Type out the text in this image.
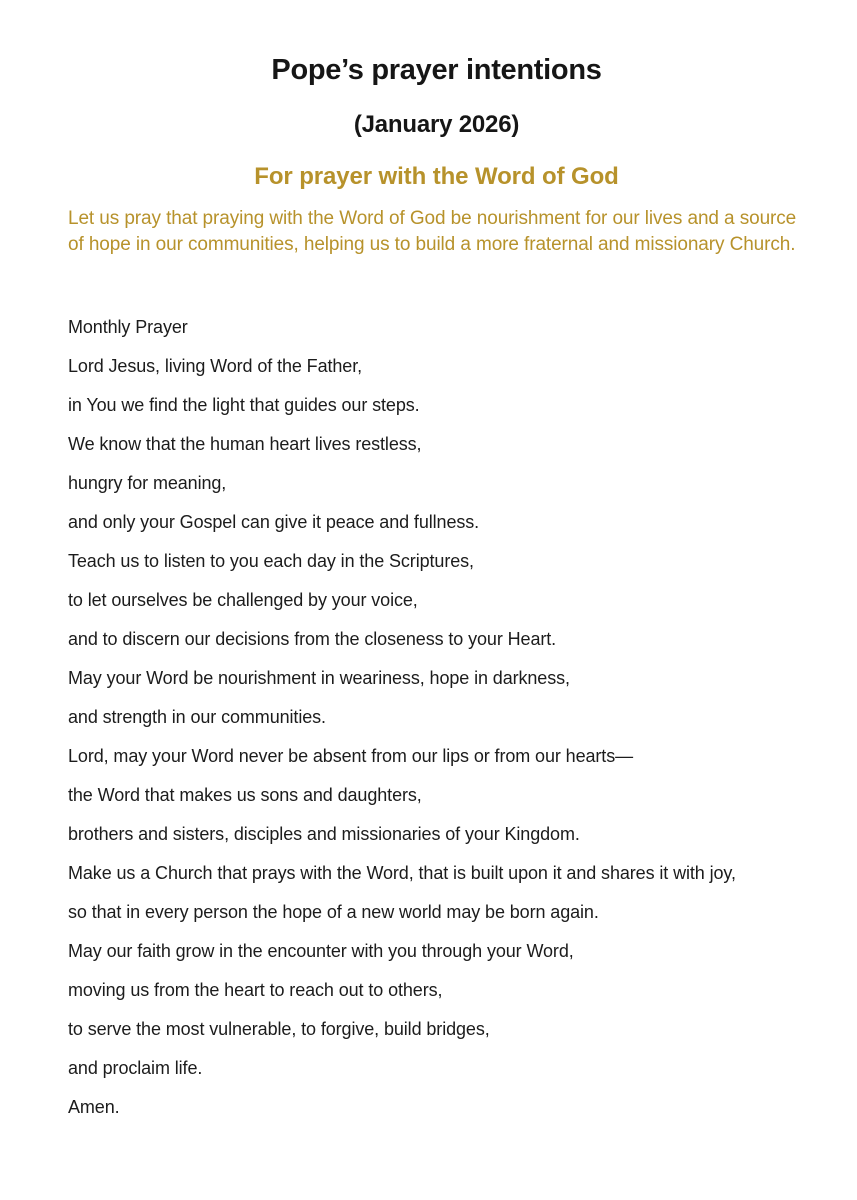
Pope’s prayer intentions
(January 2026)
For prayer with the Word of God

Let us pray that praying with the Word of God be nourishment for our lives and a source of hope in our communities, helping us to build a more fraternal and missionary Church.

Monthly Prayer

Lord Jesus, living Word of the Father,

in You we find the light that guides our steps.

We know that the human heart lives restless,

hungry for meaning,

and only your Gospel can give it peace and fullness.

Teach us to listen to you each day in the Scriptures,

to let ourselves be challenged by your voice,

and to discern our decisions from the closeness to your Heart.

May your Word be nourishment in weariness, hope in darkness,

and strength in our communities.

Lord, may your Word never be absent from our lips or from our hearts—

the Word that makes us sons and daughters,

brothers and sisters, disciples and missionaries of your Kingdom.

Make us a Church that prays with the Word, that is built upon it and shares it with joy,

so that in every person the hope of a new world may be born again.

May our faith grow in the encounter with you through your Word,

moving us from the heart to reach out to others,

to serve the most vulnerable, to forgive, build bridges,

and proclaim life.

Amen.
